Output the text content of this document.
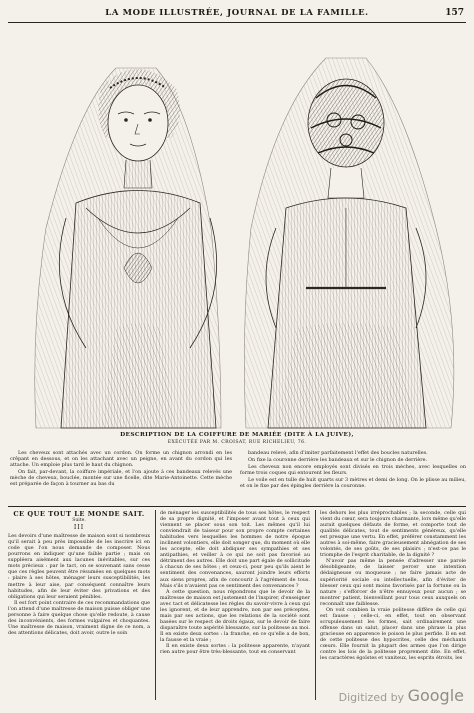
LA MODE ILLUSTRÉE, JOURNAL DE LA FAMILLE.	157
DESCRIPTION DE LA COIFFURE DE MARIÉE (DITE À LA JUIVE),
EXÉCUTÉE PAR M. CROISAT, RUE RICHELIEU, 76.

Les cheveux sont attachés avec un cordon. On forme un chignon arrondi en les crêpant en dessous, et on les attachant avec un peigne, en avant du cordon qui les attache. Un emploie plus tard le haut du chignon.

On fait, par-devant, la coiffure impériale, et l'on ajoute à ces bandeaux relevés une mèche de cheveux, bouclée, montée sur une ficelle, dite Marie-Antoinette. Cette mèche est préparée de façon à tourner au bas du

bandeau relevé, afin d'imiter parfaitement l'effet des boucles naturelles.

On fixe la couronne derrière les bandeaux et sur le chignon de derrière.

Les cheveux non encore employés sont divisés en trois mèches, avec lesquelles on forme trois coques qui entourent les fleurs.

Le voile est en tulle de huit quarts sur 3 mètres et demi de long. On le plisse au milieu, et on le fixe par des épingles derrière la couronne.

CE QUE TOUT LE MONDE SAIT.
Suite.
III

Les devoirs d'une maîtresse de maison sont si nombreux qu'il serait à peu près impossible de les inscrire ici en code que l'on nous demande de composer. Nous pourrons en indiquer qu'une faible partie ; mais on suppléera aisément aux lacunes inévitables, sur ces mots précieux : par le tact, on se souvenant sans cesse que ces règles peuvent être résumées en quelques mots : plaire à ses hôtes, ménager leurs susceptibilités, les mettre à leur aise, par conséquent connaître leurs habitudes, afin de leur éviter des privations et des obligations qui leur seraient pénibles.

Il est fort point contraire de ces recommandations que l'on attend d'une maîtresse de maison puisse obliger une personne à faire quelque chose qu'elle redoute, à cause des inconvénients, des formes vulgaires et choquantes. Une maîtresse de maison, vraiment digne de ce nom, a des attentions délicates, doit avoir, outre le soin

de ménager les susceptibilités de tous ses hôtes, le respect de sa propre dignité, et l'imposer avant tout à ceux qui viennent se placer sous son toit. Les mêmes qu'il lui conviendrait de taiseur pour son propre compte certaines habitudes vers lesquelles les hommes de notre époque inclinent volontiers, elle doit songer que, du moment où elle les accepte, elle doit abdiquer ses sympathies et ses antipathies, et veiller à ce qui ne soit pas favorisé au détriment des autres. Elle doit une part égale de sollicitude à chacun de ses hôtes ; et ceux-ci, pour peu qu'ils aient le sentiment des convenances, sauront joindre leurs efforts aux siens propres, afin de concourir à l'agrément de tous. Mais s'ils n'avaient pas ce sentiment des convenances ?

À cette question, nous répondrons que le devoir de la maîtresse de maison est justement de l'inspirer, d'enseigner avec tact et délicatesse les règles du savoir-vivre à ceux qui les ignorent, et de leur apprendre, non par ses préceptes, mais par ses actions, que les relations de la société sont basées sur le respect de droits égaux, sur le devoir de faire disparaître toute aspérité blessante, sur la politesse au moi. Il en existe deux sortes : la franche, en ce qu'elle a de bon, la fausse et la vraie ;

Il en existe deux sortes : la politesse apparente, n'ayant rien autre pour être très-blessante, tout en conservant

les dehors les plus irréprochables ; la seconde, celle qui vient du cœur, sera toujours charmante, lors même qu'elle aurait quelques défauts de forme, et comporte tout de qualités délicates, tout de sentiments généreux, qu'elle est presque une vertu. En effet, préférer constamment les autres à soi-même, faire gracieusement abnégation de ses volontés, de ses goûts, de ses plaisirs ; n'est-ce pas le triomphe de l'esprit charitable, de la dignité ?

N'avoir pas même la pensée d'adresser une parole désobligeante, de laisser percer une intention dédaigneuse ou moqueuse ; ne faire jamais acte de supériorité sociale ou intellectuelle, afin d'éviter de blesser ceux qui sont moins favorisés par la fortune ou la nature ; s'efforcer de n'être ennuyeux pour aucun ; se montrer patient, bienveillant pour tous ceux auxquels on reconnaît une faiblesse.

On voit combien la vraie politesse diffère de celle qui est fausse ; celle-ci, en effet, tout en observant scrupuleusement les formes, sait ordinairement une offense dans un salut, placer dans une phrase la plus gracieuse en apparence le poison le plus perfide. Il en est de cette politesse des hypocrites, celle des méchants cœurs. Elle fournit la plupart des armes que l'on dirige contre les lois de la politesse proprement dite. En effet, les caractères égoïstes et vaniteux, les esprits étroits, les

Digitized by Google
